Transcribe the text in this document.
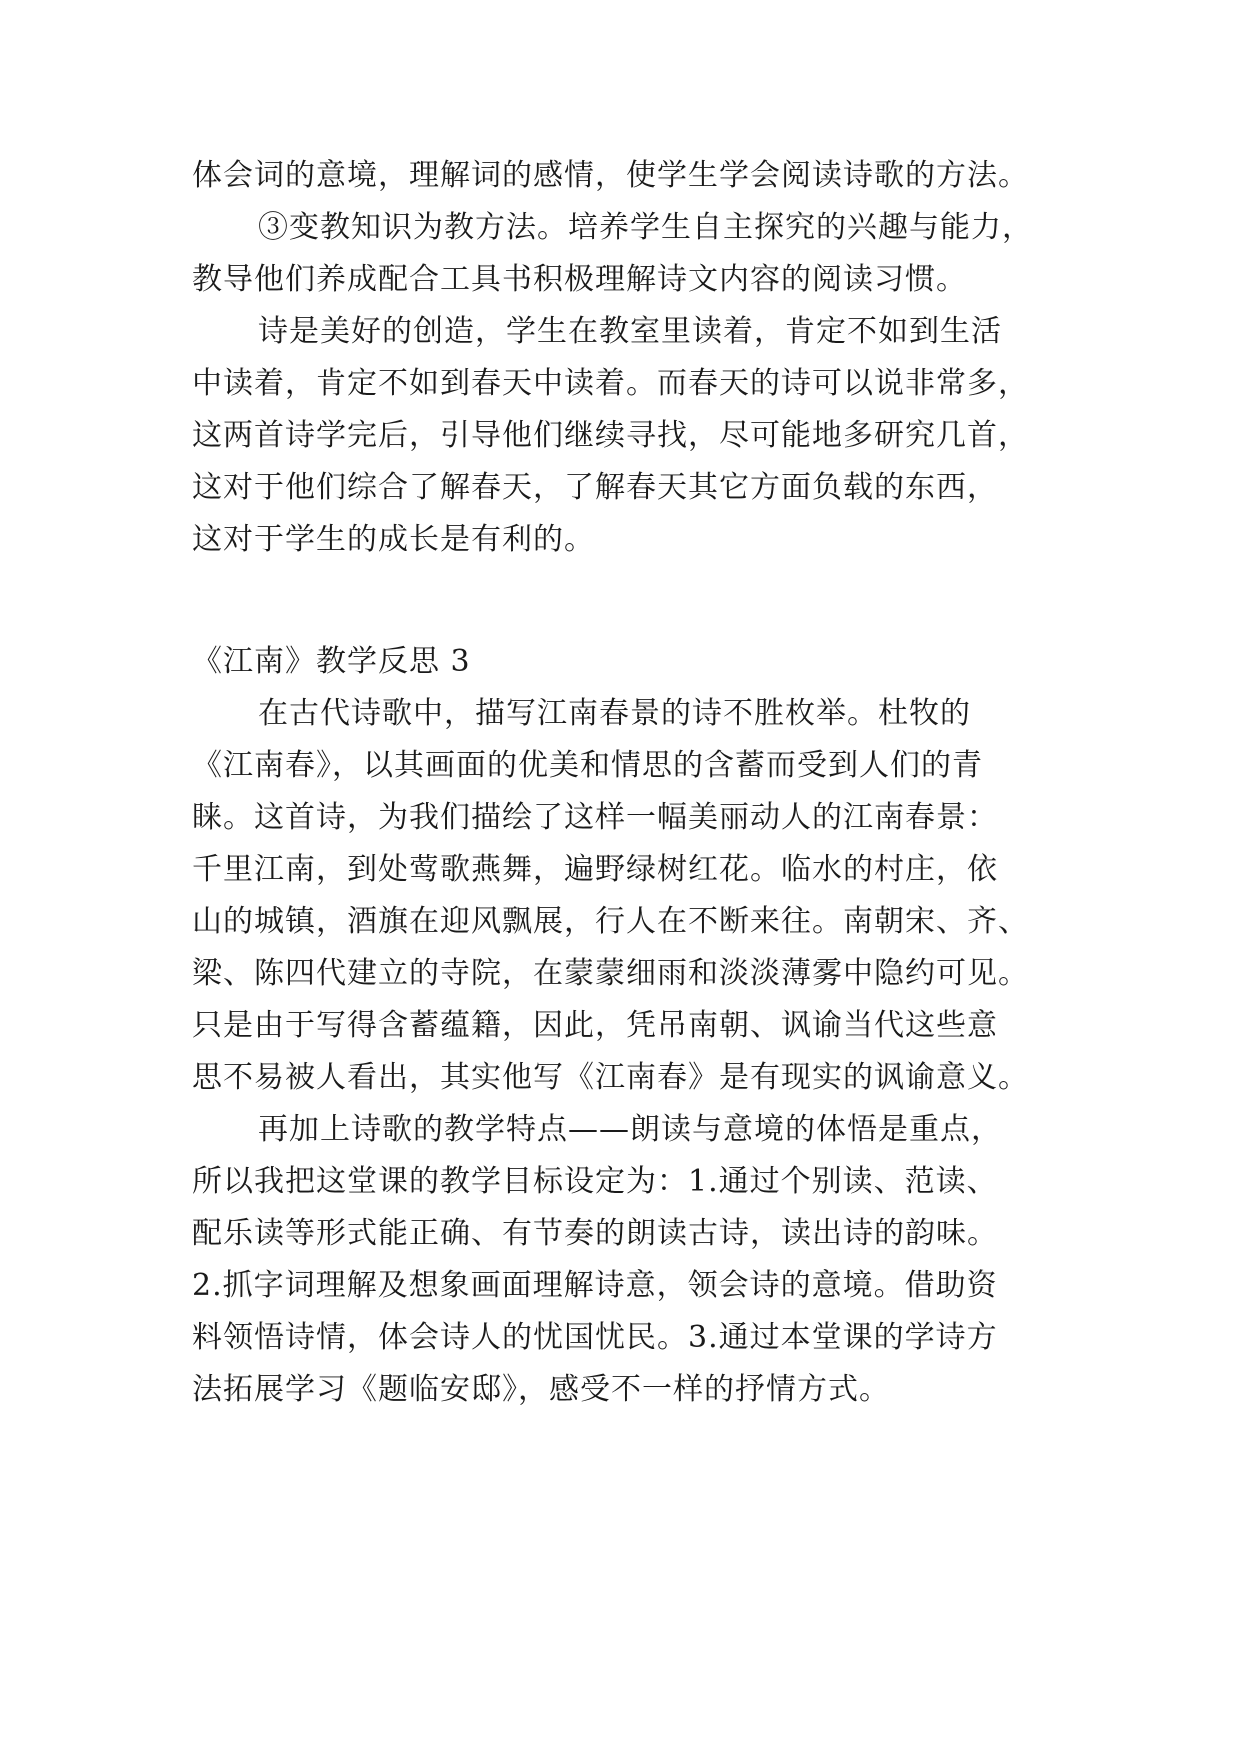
体会词的意境，理解词的感情，使学生学会阅读诗歌的方法。
③变教知识为教方法。培养学生自主探究的兴趣与能力，
教导他们养成配合工具书积极理解诗文内容的阅读习惯。
诗是美好的创造，学生在教室里读着，肯定不如到生活
中读着，肯定不如到春天中读着。而春天的诗可以说非常多，
这两首诗学完后，引导他们继续寻找，尽可能地多研究几首，
这对于他们综合了解春天，了解春天其它方面负载的东西，
这对于学生的成长是有利的。
《江南》教学反思 3
在古代诗歌中，描写江南春景的诗不胜枚举。杜牧的
《江南春》，以其画面的优美和情思的含蓄而受到人们的青
睐。这首诗，为我们描绘了这样一幅美丽动人的江南春景：
千里江南，到处莺歌燕舞，遍野绿树红花。临水的村庄，依
山的城镇，酒旗在迎风飘展，行人在不断来往。南朝宋、齐、
梁、陈四代建立的寺院，在蒙蒙细雨和淡淡薄雾中隐约可见。
只是由于写得含蓄蕴籍，因此，凭吊南朝、讽谕当代这些意
思不易被人看出，其实他写《江南春》是有现实的讽谕意义。
再加上诗歌的教学特点——朗读与意境的体悟是重点，
所以我把这堂课的教学目标设定为：1.通过个别读、范读、
配乐读等形式能正确、有节奏的朗读古诗，读出诗的韵味。
2.抓字词理解及想象画面理解诗意，领会诗的意境。借助资
料领悟诗情，体会诗人的忧国忧民。3.通过本堂课的学诗方
法拓展学习《题临安邸》，感受不一样的抒情方式。
